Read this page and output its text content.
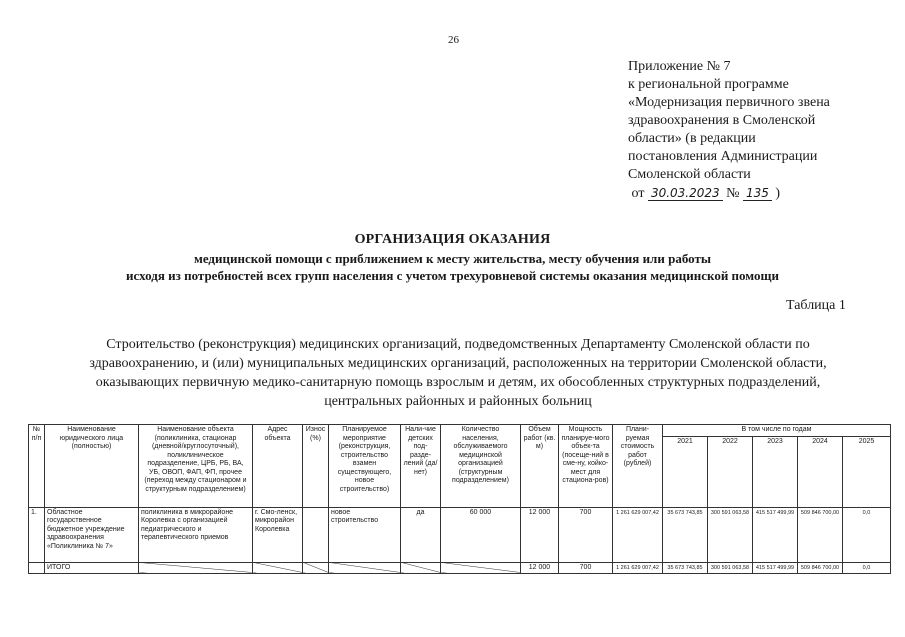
26
Приложение № 7
к региональной программе
«Модернизация первичного звена
здравоохранения в Смоленской
области» (в редакции
постановления Администрации
Смоленской области
от 30.03.2023 № 135 )
ОРГАНИЗАЦИЯ ОКАЗАНИЯ
медицинской помощи с приближением к месту жительства, месту обучения или работы
исходя из потребностей всех групп населения с учетом трехуровневой системы оказания медицинской помощи
Таблица 1
Строительство (реконструкция) медицинских организаций, подведомственных Департаменту Смоленской области по здравоохранению, и (или) муниципальных медицинских организаций, расположенных на территории Смоленской области, оказывающих первичную медико-санитарную помощь взрослым и детям, их обособленных структурных подразделений, центральных районных и районных больниц
№ п/п	Наименование юридического лица (полностью)	Наименование объекта (поликлиника, стационар (дневной/круглосуточный), поликлиническое подразделение, ЦРБ, РБ, ВА, УБ, ОВОП, ФАП, ФП, прочее (переход между стационаром и структурным подразделением)	Адрес объекта	Износ (%)	Планируемое мероприятие (реконструкция, строительство взамен существующего, новое строительство)	Нали-чие детских под-разде-лений (да/нет)	Количество населения, обслуживаемого медицинской организацией (структурным подразделением)	Объем работ (кв. м)	Мощность планируе-мого объек-та (посеще-ний в сме-ну, койко-мест для стациона-ров)	Плани-руемая стоимость работ (рублей)	В том числе по годам				
											2021	2022	2023	2024	2025
1.	Областное государственное бюджетное учреждение здравоохранения «Поликлиника № 7»	поликлиника в микрорайоне Королевка с организацией педиатрического и терапевтического приемов	г. Смо-ленск, микрорайон Королевка		новое строительство	да	60 000	12 000	700	1 261 629 007,42	35 673 743,85	300 591 063,58	415 517 499,99	509 846 700,00	0,0
	ИТОГО							12 000	700	1 261 629 007,42	35 673 743,85	300 591 063,58	415 517 499,99	509 846 700,00	0,0
